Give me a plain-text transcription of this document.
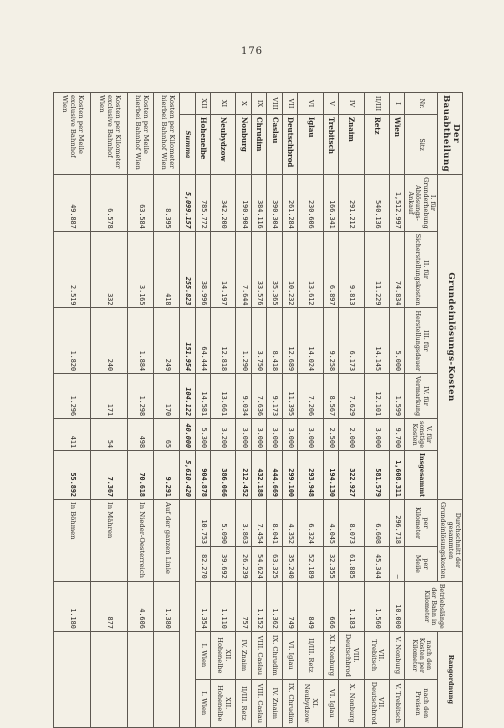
176
Der Bauabtheilung		Grundeinlösungs-Kosten						Durchschnitt der gesammten Grundeinlösungskosten		Betriebslänge der Bahn in Kilometer	Rangordnung	
Nr.	Sitz	I. für Grunderhebung Ablösungs-Ankauf	II. für Sicherstellungskosten	III. für Herstellungsdauer	IV. für Vermarkung	V. für sonstige Kosten	Insgesammt	per Kilometer	per Meile		nach den Kosten per Kilometer	nach den Preisen
I	Wien	1,512.997	74.834	5.000	1.599	9.700	1,608.311	296.718	—	10.000	V. Nonburg	V. Trebitsch
II/III	Retz	540.136	11.229	14.145	12.101	3.000	581.579	6.608	45.344	1.560	VII. Trebitsch	VII. Deutschbrod
IV	Znaim	291.212	9.813	6.173	7.629	2.000	322.927	8.073	61.885	1.183	VIII. Deutschbrod	X. Nonburg
V	Trebitsch	166.341	6.897	9.258	8.567	2.500	194.130	4.045	32.355	666	XI. Nonburg	VI. Iglau
VI	Iglau	230.606	13.612	14.024	7.206	3.000	293.948	6.324	52.189	849	II/III. Retz	XI. Neubydzow
VII	Deutschbrod	261.284	10.232	12.689	11.395	3.000	299.100	4.352	35.240	749	VI. Iglau	IX. Chrudim
VIII	Caslau	390.304	35.365	8.418	9.173	3.000	444.669	8.041	63.325	1.362	IX. Chrudim	IV. Znaim
IX	Chrudim	384.116	33.576	3.750	7.636	3.000	432.188	7.454	54.624	1.152	VIII. Caslau	VIII. Caslau
X	Nonburg	190.904	7.644	1.290	9.034	3.000	212.452	3.863	26.239	757	IV. Znaim	II/III. Retz
XI	Neubydzow	342.200	14.197	12.818	13.661	3.200	386.066	5.090	39.692	1.110	XII. Hohenelbe	XII. Hohenelbe
XII	Hohenelbe	785.772	38.996	64.444	14.581	5.300	904.878	10.753	82.270	1.354	I. Wien	I. Wien
	Summa	5,099.157	255.823	151.954	104.122	40.000	5,610.420					
Kosten per Kilometer hierbei Bahnhof Wien		8.395	418	249	170	65	9.291	Auf der ganzen Linie		1.380		
Kosten per Meile hierbei Bahnhof Wien		63.584	3.165	1.884	1.298	498	70.618	In Nieder-Oesterreich		4.606		
Kosten per Kilometer exclusive Bahnhof Wien		6.578	332	240	171	54	7.367	In Mähren		877		
Kosten per Meile exclusive Bahnhof Wien		49.887	2.519	1.820	1.296	411	55.892	In Böhmen		1.180		
